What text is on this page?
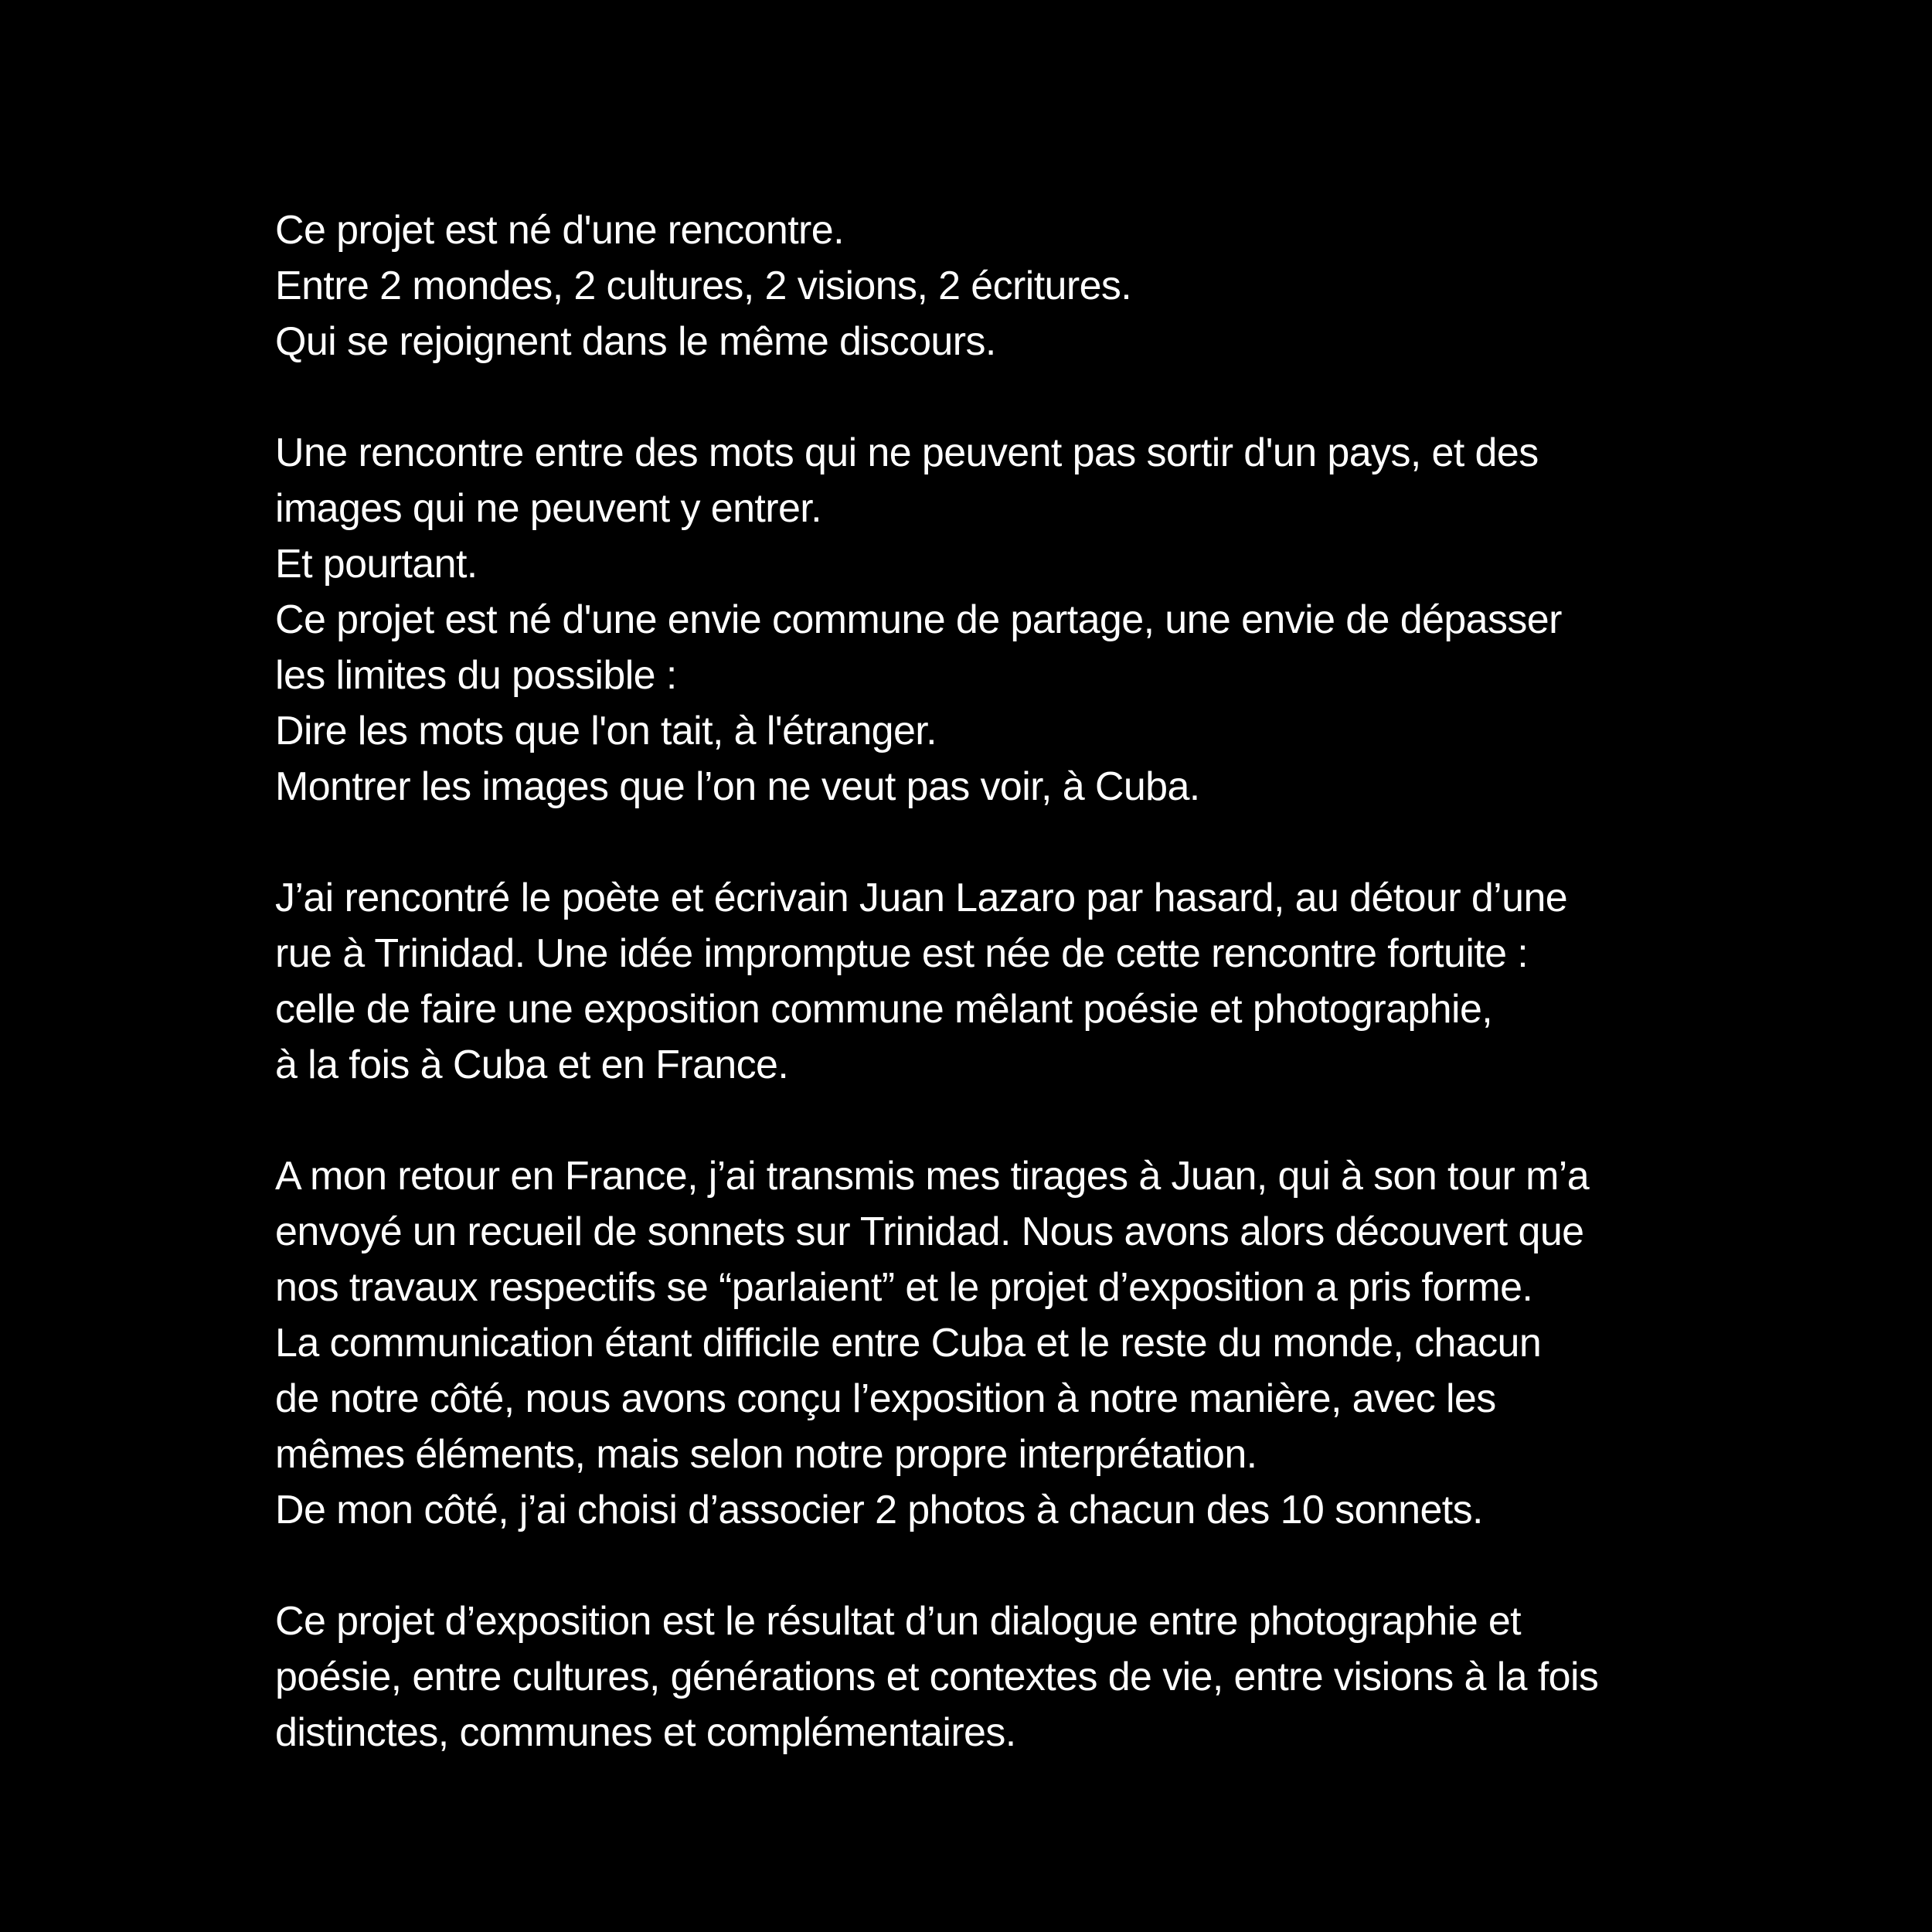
Ce projet est né d'une rencontre.
Entre 2 mondes, 2 cultures, 2 visions, 2 écritures.
Qui se rejoignent dans le même discours.

Une rencontre entre des mots qui ne peuvent pas sortir d'un pays, et des
images qui ne peuvent y entrer.
Et pourtant.
Ce projet est né d'une envie commune de partage, une envie de dépasser
les limites du possible :
Dire les mots que l'on tait, à l'étranger.
Montrer les images que l’on ne veut pas voir, à Cuba.

J’ai rencontré le poète et écrivain Juan Lazaro par hasard, au détour d’une
rue à Trinidad. Une idée impromptue est née de cette rencontre fortuite :
celle de faire une exposition commune mêlant poésie et photographie,
à la fois à Cuba et en France.

A mon retour en France, j’ai transmis mes tirages à Juan, qui à son tour m’a
envoyé un recueil de sonnets sur Trinidad. Nous avons alors découvert que
nos travaux respectifs se “parlaient” et le projet d’exposition a pris forme.
La communication étant difficile entre Cuba et le reste du monde, chacun
de notre côté, nous avons conçu l’exposition à notre manière, avec les
mêmes éléments, mais selon notre propre interprétation.
De mon côté, j’ai choisi d’associer 2 photos à chacun des 10 sonnets.

Ce projet d’exposition est le résultat d’un dialogue entre photographie et
poésie, entre cultures, générations et contextes de vie, entre visions à la fois
distinctes, communes et complémentaires.
